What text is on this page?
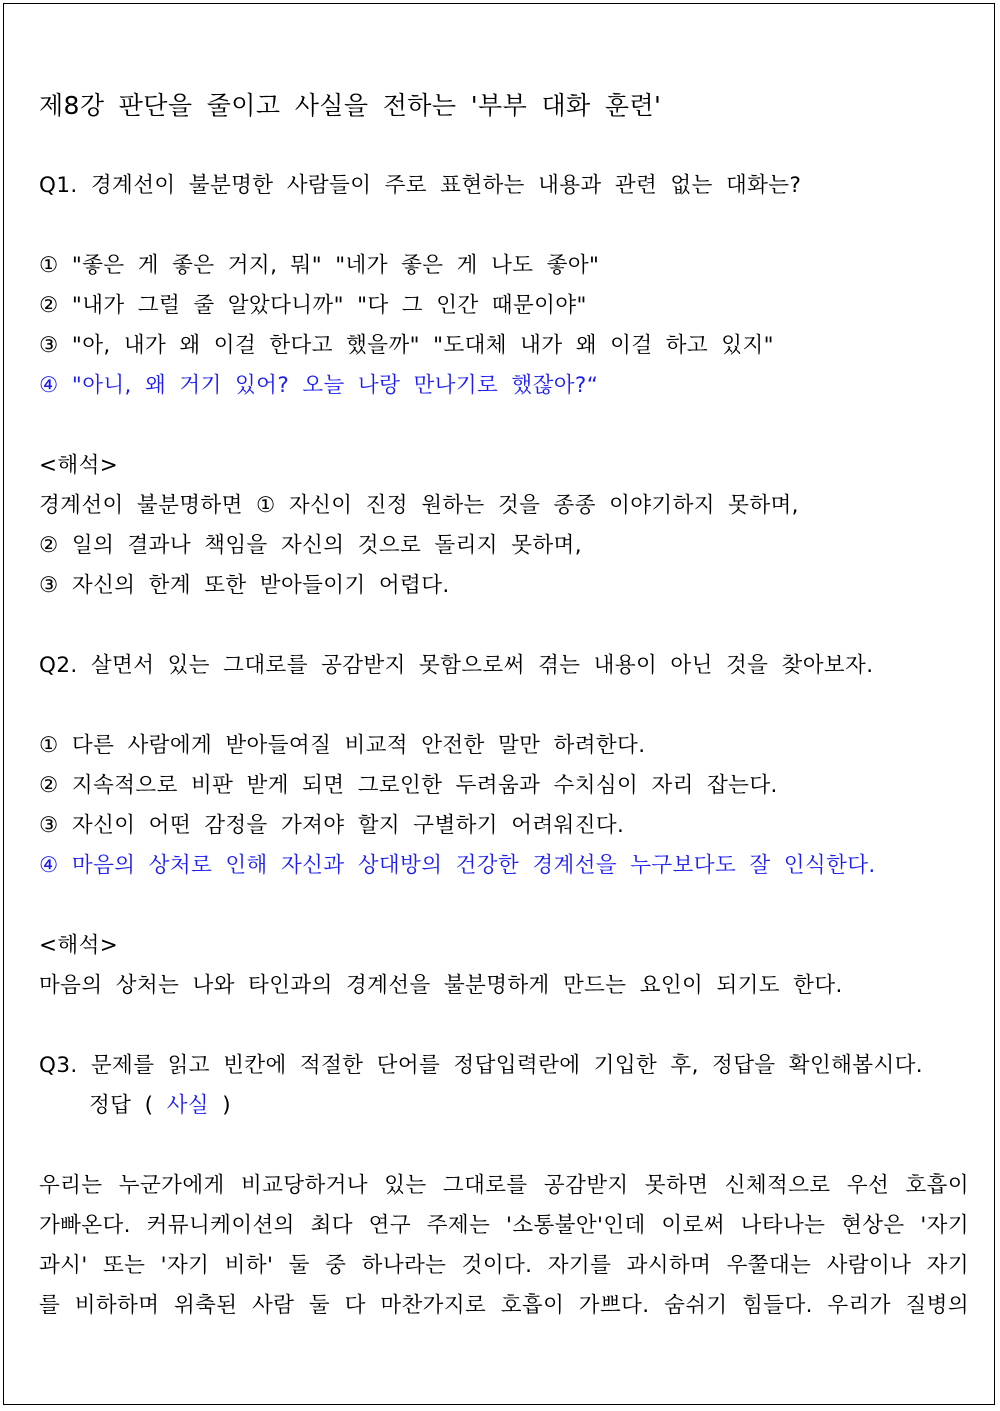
제8강 판단을 줄이고 사실을 전하는 '부부 대화 훈련'
Q1. 경계선이 불분명한 사람들이 주로 표현하는 내용과 관련 없는 대화는?
① "좋은 게 좋은 거지, 뭐" "네가 좋은 게 나도 좋아"
② "내가 그럴 줄 알았다니까" "다 그 인간 때문이야"
③ "아, 내가 왜 이걸 한다고 했을까" "도대체 내가 왜 이걸 하고 있지"
④ "아니, 왜 거기 있어? 오늘 나랑 만나기로 했잖아?“
<해석>
경계선이 불분명하면 ① 자신이 진정 원하는 것을 종종 이야기하지 못하며,
② 일의 결과나 책임을 자신의 것으로 돌리지 못하며,
③ 자신의 한계 또한 받아들이기 어렵다.
Q2. 살면서 있는 그대로를 공감받지 못함으로써 겪는 내용이 아닌 것을 찾아보자.
① 다른 사람에게 받아들여질 비교적 안전한 말만 하려한다.
② 지속적으로 비판 받게 되면 그로인한 두려움과 수치심이 자리 잡는다.
③ 자신이 어떤 감정을 가져야 할지 구별하기 어려워진다.
④ 마음의 상처로 인해 자신과 상대방의 건강한 경계선을 누구보다도 잘 인식한다.
<해석>
마음의 상처는 나와 타인과의 경계선을 불분명하게 만드는 요인이 되기도 한다.
Q3. 문제를 읽고 빈칸에 적절한 단어를 정답입력란에 기입한 후, 정답을 확인해봅시다.
정답 ( 사실 )
우리는 누군가에게 비교당하거나 있는 그대로를 공감받지 못하면 신체적으로 우선 호흡이
가빠온다. 커뮤니케이션의 최다 연구 주제는 '소통불안'인데 이로써 나타나는 현상은 '자기
과시' 또는 '자기 비하' 둘 중 하나라는 것이다. 자기를 과시하며 우쭐대는 사람이나 자기
를 비하하며 위축된 사람 둘 다 마찬가지로 호흡이 가쁘다. 숨쉬기 힘들다. 우리가 질병의
